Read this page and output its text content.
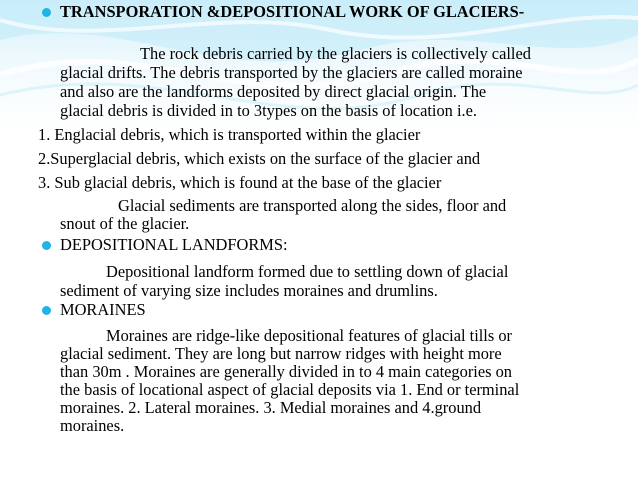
TRANSPORATION &DEPOSITIONAL WORK OF GLACIERS-
The rock debris carried by the glaciers is collectively called
glacial drifts. The debris transported by the glaciers are called moraine
and also are the landforms deposited by direct glacial origin. The
glacial debris is divided in to 3types on the basis of location i.e.
1. Englacial debris, which is transported within the glacier
2.Superglacial debris, which exists on the surface of the glacier and
3. Sub glacial debris, which is found at the base of the glacier
Glacial sediments are transported along the sides, floor and
snout of the glacier.
DEPOSITIONAL LANDFORMS:
Depositional landform formed due to settling down of glacial
sediment of varying size includes moraines and drumlins.
MORAINES
Moraines are ridge-like depositional features of glacial tills or
glacial sediment. They are long but narrow ridges with height more
than 30m . Moraines are generally divided in to 4 main categories on
the basis of locational aspect of glacial deposits via 1. End or terminal
moraines. 2. Lateral moraines. 3. Medial moraines and 4.ground
moraines.
